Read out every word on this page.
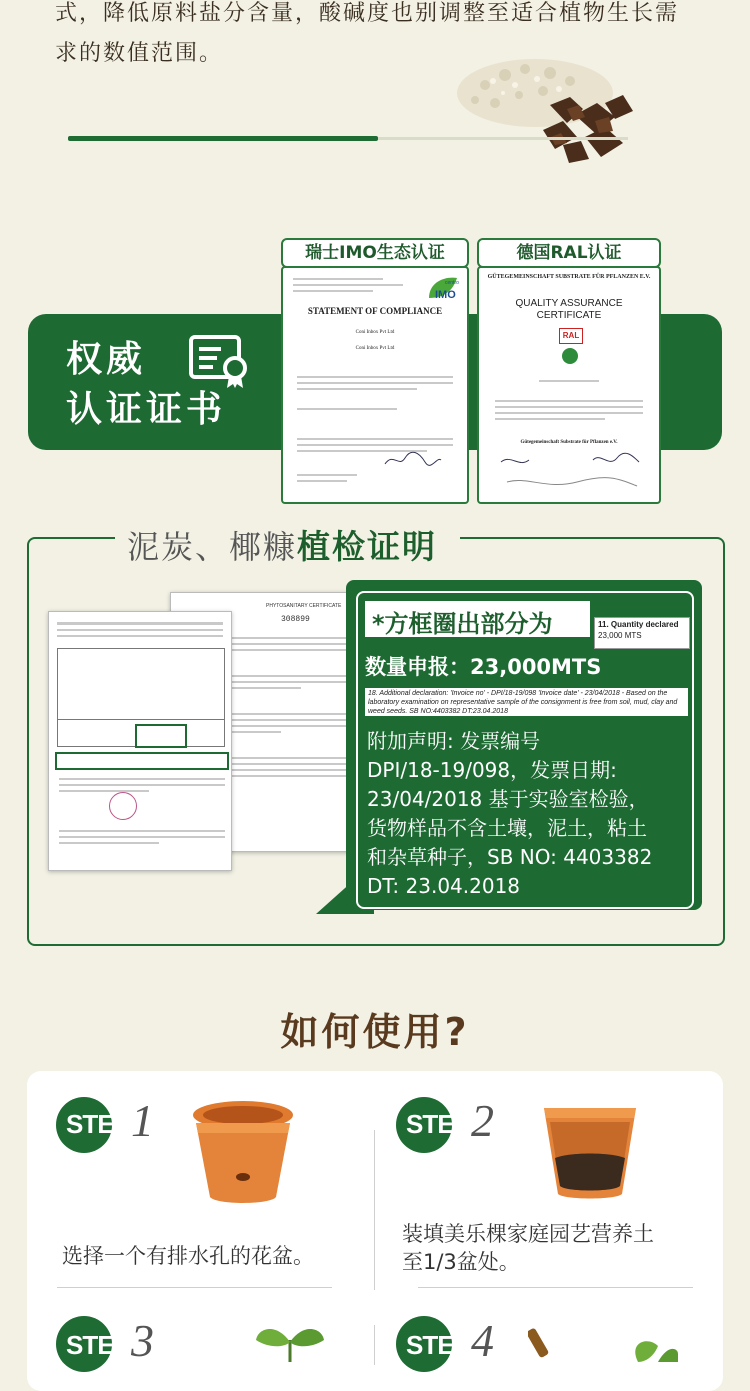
式，降低原料盐分含量，酸碱度也别调整至适合植物生长需
求的数值范围。
权威
认证证书
瑞士IMO生态认证
IMO
centro
STATEMENT OF COMPLIANCE
Coni Inbox Pvt Ltd
Coni Inbox Pvt Ltd
德国RAL认证
GÜTEGEMEINSCHAFT SUBSTRATE FÜR PFLANZEN E.V.
QUALITY ASSURANCE
CERTIFICATE
RAL
Gütegemeinschaft Substrate für Pflanzen e.V.
泥炭、椰糠 植检证明
PHYTOSANITARY CERTIFICATE
308899	*方框圈出部分为	11. Quantity declared
23,000 MTS
数量申报：23,000MTS
18. Additional declaration: 'Invoice no' - DPI/18-19/098 'Invoice date' - 23/04/2018 - Based on the laboratory examination on representative sample of the consignment is free from soil, mud, clay and weed seeds. SB NO:4403382 DT:23.04.2018
附加声明: 发票编号
DPI/18-19/098，发票日期:
23/04/2018 基于实验室检验，
货物样品不含土壤，泥土，粘土
和杂草种子，SB NO: 4403382
DT: 23.04.2018
如何使用?
STEP 1
选择一个有排水孔的花盆。
STEP 2
装填美乐棵家庭园艺营养土
至1/3盆处。
STEP 3	STEP 4
